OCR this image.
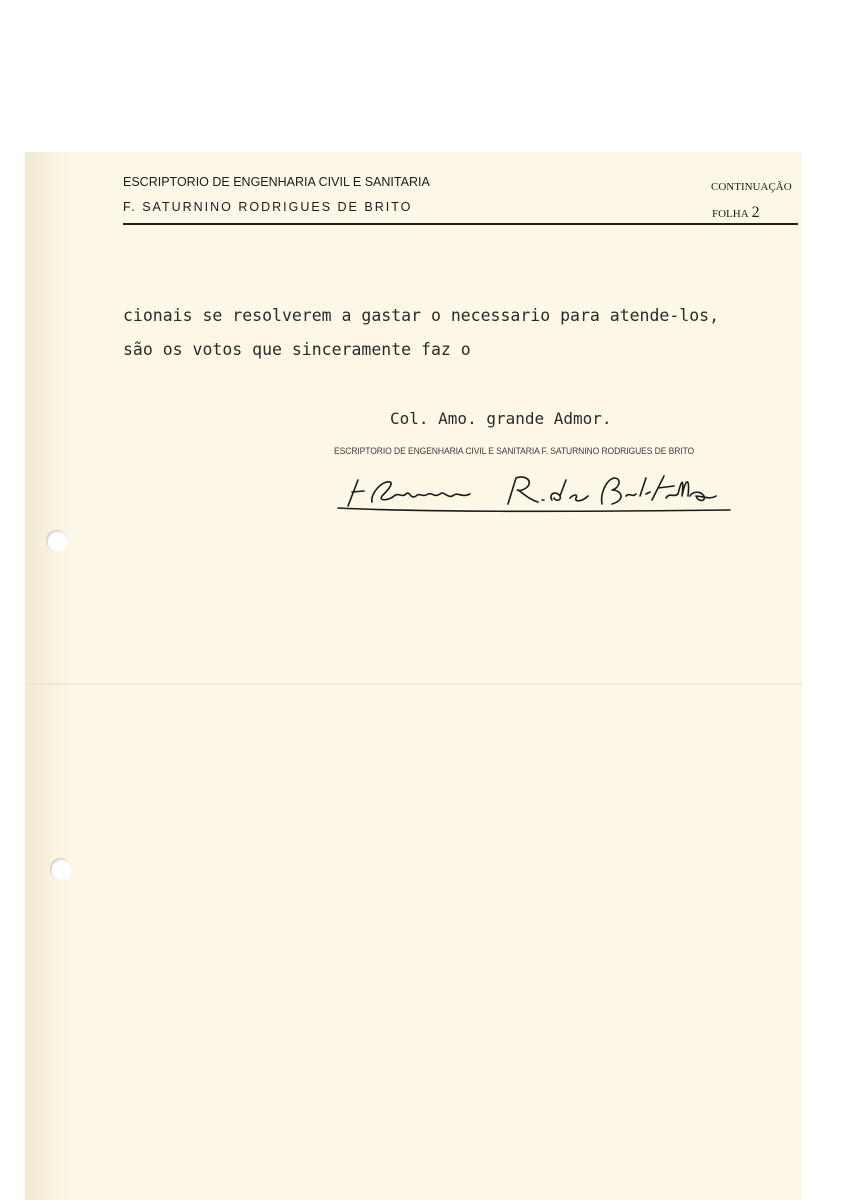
ESCRIPTORIO DE ENGENHARIA CIVIL E SANITARIA
F. SATURNINO RODRIGUES DE BRITO
CONTINUAÇÃO
FOLHA 2
cionais se resolverem a gastar o necessario para atende-los,
são os votos que sinceramente faz o
Col. Amo. grande Admor.
ESCRIPTORIO DE ENGENHARIA CIVIL E SANITARIA F. SATURNINO RODRIGUES DE BRITO
